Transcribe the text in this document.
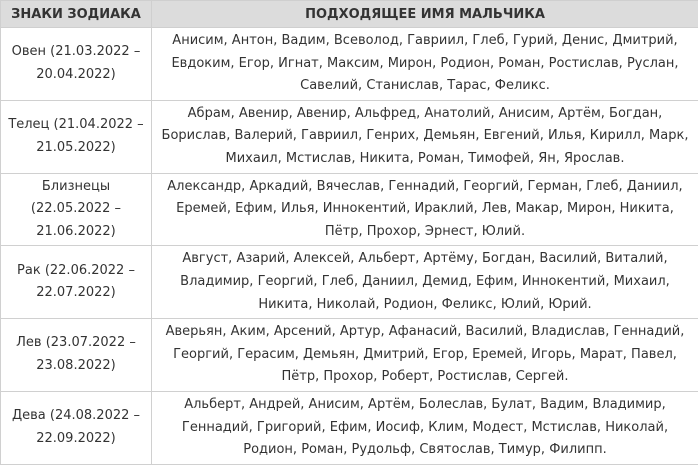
ЗНАКИ ЗОДИАКА	ПОДХОДЯЩЕЕ ИМЯ МАЛЬЧИКА
Овен (21.03.2022 – 20.04.2022)	Анисим, Антон, Вадим, Всеволод, Гавриил, Глеб, Гурий, Денис, Дмитрий, Евдоким, Егор, Игнат, Максим, Мирон, Родион, Роман, Ростислав, Руслан, Савелий, Станислав, Тарас, Феликс.
Телец (21.04.2022 – 21.05.2022)	Абрам, Авенир, Авенир, Альфред, Анатолий, Анисим, Артём, Богдан, Борислав, Валерий, Гавриил, Генрих, Демьян, Евгений, Илья, Кирилл, Марк, Михаил, Мстислав, Никита, Роман, Тимофей, Ян, Ярослав.
Близнецы (22.05.2022 – 21.06.2022)	Александр, Аркадий, Вячеслав, Геннадий, Георгий, Герман, Глеб, Даниил, Еремей, Ефим, Илья, Иннокентий, Ираклий, Лев, Макар, Мирон, Никита, Пётр, Прохор, Эрнест, Юлий.
Рак (22.06.2022 – 22.07.2022)	Август, Азарий, Алексей, Альберт, Артёму, Богдан, Василий, Виталий, Владимир, Георгий, Глеб, Даниил, Демид, Ефим, Иннокентий, Михаил, Никита, Николай, Родион, Феликс, Юлий, Юрий.
Лев (23.07.2022 – 23.08.2022)	Аверьян, Аким, Арсений, Артур, Афанасий, Василий, Владислав, Геннадий, Георгий, Герасим, Демьян, Дмитрий, Егор, Еремей, Игорь, Марат, Павел, Пётр, Прохор, Роберт, Ростислав, Сергей.
Дева (24.08.2022 – 22.09.2022)	Альберт, Андрей, Анисим, Артём, Болеслав, Булат, Вадим, Владимир, Геннадий, Григорий, Ефим, Иосиф, Клим, Модест, Мстислав, Николай, Родион, Роман, Рудольф, Святослав, Тимур, Филипп.
